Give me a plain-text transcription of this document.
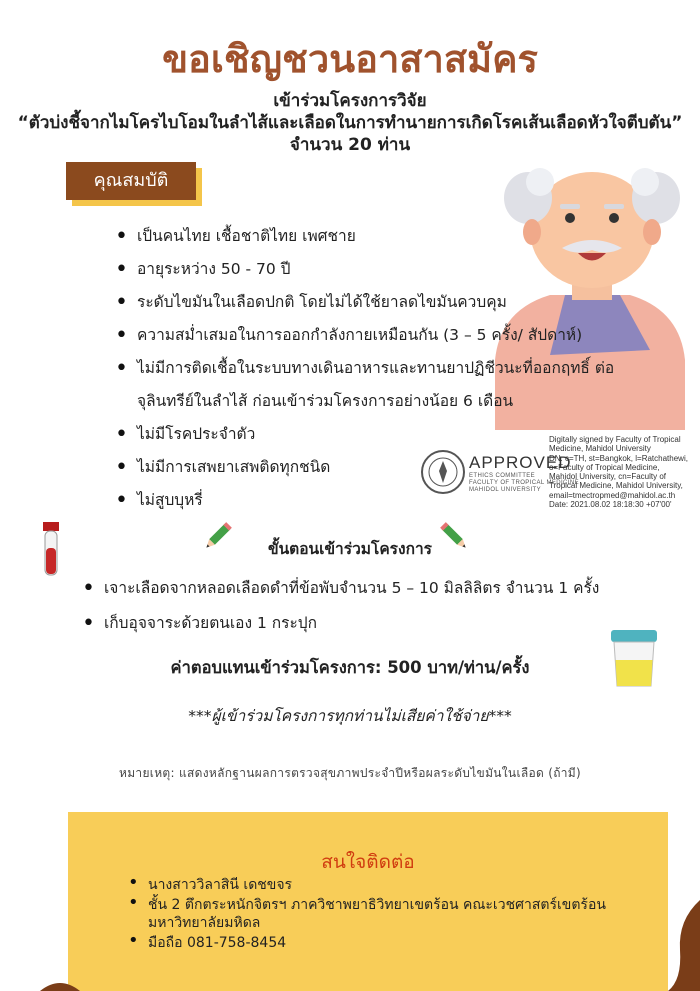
ขอเชิญชวนอาสาสมัคร
เข้าร่วมโครงการวิจัย
“ตัวบ่งชี้จากไมโครไบโอมในลำไส้และเลือดในการทำนายการเกิดโรคเส้นเลือดหัวใจตีบตัน”
จำนวน 20 ท่าน
คุณสมบัติ
• เป็นคนไทย เชื้อชาติไทย เพศชาย
• อายุระหว่าง 50 - 70 ปี
• ระดับไขมันในเลือดปกติ โดยไม่ได้ใช้ยาลดไขมันควบคุม
• ความสม่ำเสมอในการออกกำลังกายเหมือนกัน (3 – 5 ครั้ง/ สัปดาห์)
• ไม่มีการติดเชื้อในระบบทางเดินอาหารและทานยาปฏิชีวนะที่ออกฤทธิ์ ต่อจุลินทรีย์ในลำไส้ ก่อนเข้าร่วมโครงการอย่างน้อย 6 เดือน
• ไม่มีโรคประจำตัว
• ไม่มีการเสพยาเสพติดทุกชนิด
• ไม่สูบบุหรี่
APPROVED
ETHICS COMMITTEE
FACULTY OF TROPICAL MEDICINE
MAHIDOL UNIVERSITY
Digitally signed by Faculty of Tropical
Medicine, Mahidol University
DN: c=TH, st=Bangkok, l=Ratchathewi,
o=Faculty of Tropical Medicine,
Mahidol University, cn=Faculty of
Tropical Medicine, Mahidol University,
email=tmectropmed@mahidol.ac.th
Date: 2021.08.02 18:18:30 +07'00'
ขั้นตอนเข้าร่วมโครงการ
• เจาะเลือดจากหลอดเลือดดำที่ข้อพับจำนวน 5 – 10 มิลลิลิตร จำนวน 1 ครั้ง
• เก็บอุจจาระด้วยตนเอง 1 กระปุก
ค่าตอบแทนเข้าร่วมโครงการ: 500 บาท/ท่าน/ครั้ง
***ผู้เข้าร่วมโครงการทุกท่านไม่เสียค่าใช้จ่าย***
หมายเหตุ: แสดงหลักฐานผลการตรวจสุขภาพประจำปีหรือผลระดับไขมันในเลือด (ถ้ามี)
สนใจติดต่อ
• นางสาววิลาสินี เดชขจร
• ชั้น 2 ตึกตระหนักจิตรฯ ภาควิชาพยาธิวิทยาเขตร้อน คณะเวชศาสตร์เขตร้อน มหาวิทยาลัยมหิดล
• มือถือ 081-758-8454
